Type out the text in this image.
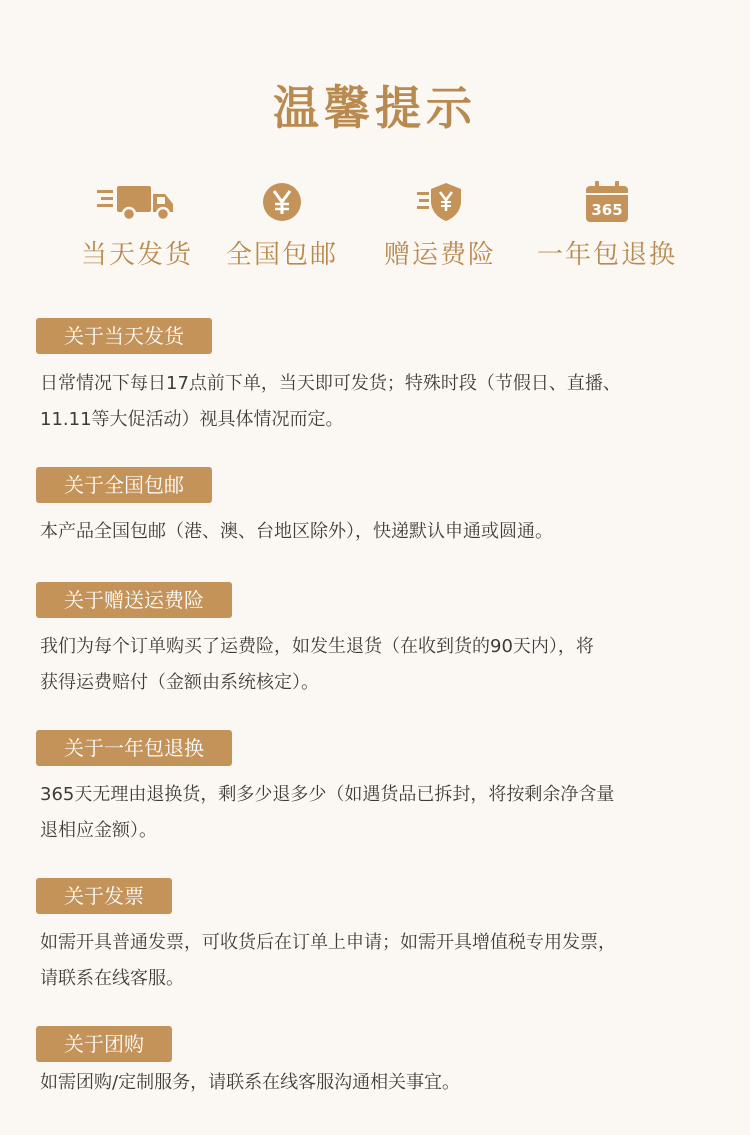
温馨提示
当天发货	全国包邮	赠运费险
365
一年包退换
关于当天发货
日常情况下每日17点前下单，当天即可发货；特殊时段（节假日、直播、
11.11等大促活动）视具体情况而定。
关于全国包邮
本产品全国包邮（港、澳、台地区除外），快递默认申通或圆通。
关于赠送运费险
我们为每个订单购买了运费险，如发生退货（在收到货的90天内），将
获得运费赔付（金额由系统核定）。
关于一年包退换
365天无理由退换货，剩多少退多少（如遇货品已拆封，将按剩余净含量
退相应金额）。
关于发票
如需开具普通发票，可收货后在订单上申请；如需开具增值税专用发票，
请联系在线客服。
关于团购
如需团购/定制服务，请联系在线客服沟通相关事宜。
